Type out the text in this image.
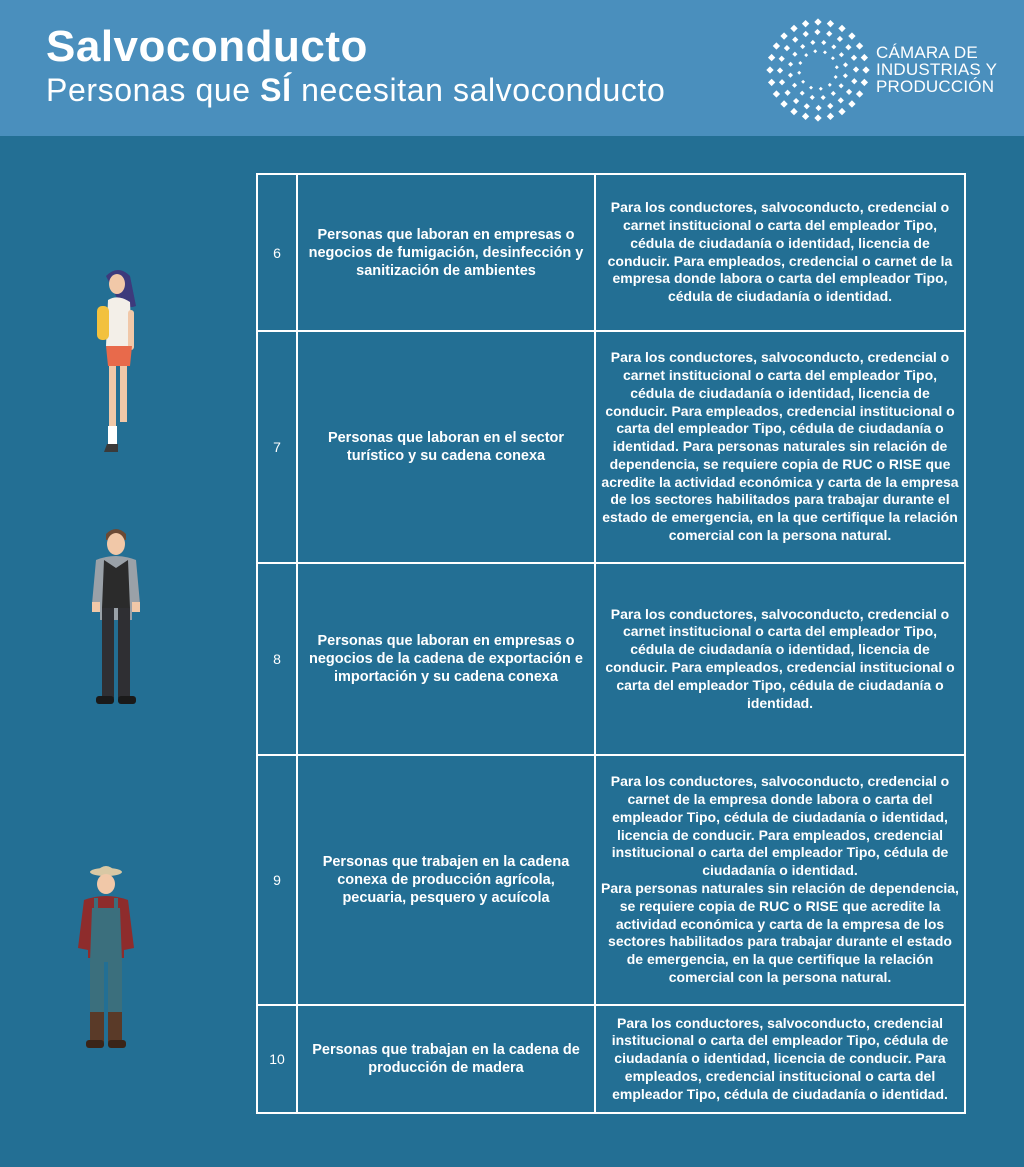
Salvoconducto
Personas que SÍ necesitan salvoconducto
CÁMARA DE
INDUSTRIAS Y
PRODUCCIÓN
6
Personas que laboran en empresas o negocios de fumigación, desinfección y sanitización de ambientes
Para los conductores, salvoconducto, credencial o carnet institucional o carta del empleador Tipo, cédula de ciudadanía o identidad, licencia de conducir. Para empleados, credencial o carnet de la empresa donde labora o carta del empleador Tipo, cédula de ciudadanía o identidad.
7
Personas que laboran en el sector turístico y su cadena conexa
Para los conductores, salvoconducto, credencial o carnet institucional o carta del empleador Tipo, cédula de ciudadanía o identidad, licencia de conducir. Para empleados, credencial institucional o carta del empleador Tipo, cédula de ciudadanía o identidad. Para personas naturales sin relación de dependencia, se requiere copia de RUC o RISE que acredite la actividad económica y carta de la empresa de los sectores habilitados para trabajar durante el estado de emergencia, en la que certifique la relación comercial con la persona natural.
8
Personas que laboran en empresas o negocios de la cadena de exportación e importación y su cadena conexa
Para los conductores, salvoconducto, credencial o carnet institucional o carta del empleador Tipo, cédula de ciudadanía o identidad, licencia de conducir. Para empleados, credencial institucional o carta del empleador Tipo, cédula de ciudadanía o identidad.
9
Personas que trabajen en la cadena conexa de producción agrícola, pecuaria, pesquero y acuícola
Para los conductores, salvoconducto, credencial o carnet de la empresa donde labora o carta del empleador Tipo, cédula de ciudadanía o identidad, licencia de conducir. Para empleados, credencial institucional o carta del empleador Tipo, cédula de ciudadanía o identidad.
Para personas naturales sin relación de dependencia, se requiere copia de RUC o RISE que acredite la actividad económica y carta de la empresa de los sectores habilitados para trabajar durante el estado de emergencia, en la que certifique la relación comercial con la persona natural.
10
Personas que trabajan en la cadena de producción de madera
Para los conductores, salvoconducto, credencial institucional o carta del empleador Tipo, cédula de ciudadanía o identidad, licencia de conducir. Para empleados, credencial institucional o carta del empleador Tipo, cédula de ciudadanía o identidad.
